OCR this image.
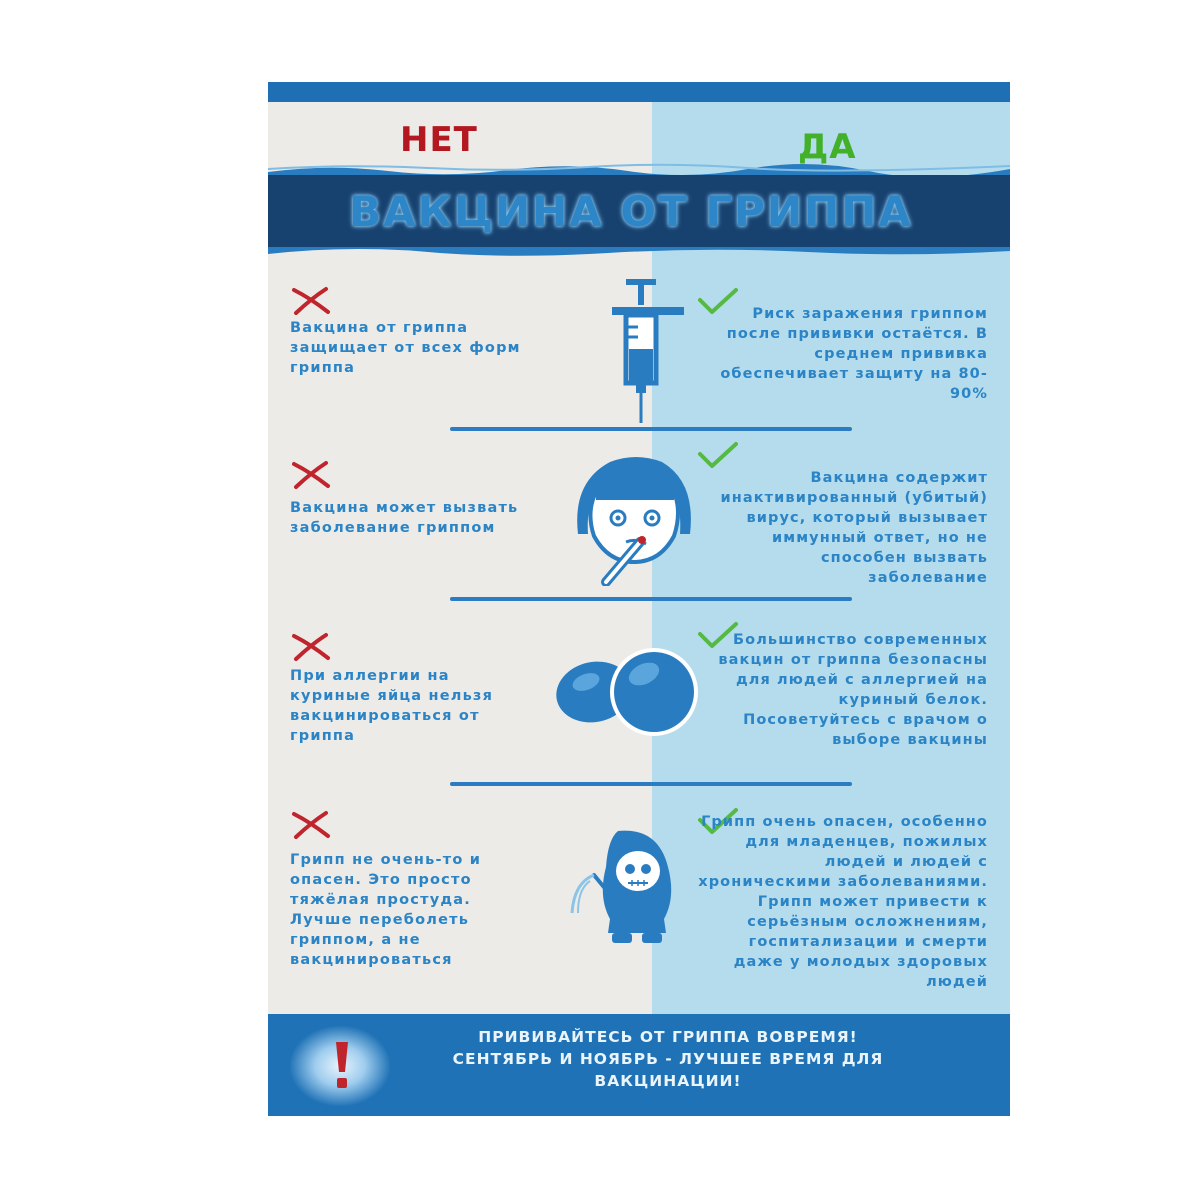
НЕТ	ДА
ВАКЦИНА ОТ ГРИППА
Вакцина от гриппа защищает от всех форм гриппа
Риск заражения гриппом после прививки остаётся. В среднем прививка обеспечивает защиту на 80-90%
Вакцина может вызвать заболевание гриппом
Вакцина содержит инактивированный (убитый) вирус, который вызывает иммунный ответ, но не способен вызвать заболевание
При аллергии на куриные яйца нельзя вакцинироваться от гриппа
Большинство современных вакцин от гриппа безопасны для людей с аллергией на куриный белок. Посоветуйтесь с врачом о выборе вакцины
Грипп не очень-то и опасен. Это просто тяжёлая простуда. Лучше переболеть гриппом, а не вакцинироваться
Грипп очень опасен, особенно для младенцев, пожилых людей и людей с хроническими заболеваниями. Грипп может привести к серьёзным осложнениям, госпитализации и смерти даже у молодых здоровых людей
ПРИВИВАЙТЕСЬ ОТ ГРИППА ВОВРЕМЯ!
СЕНТЯБРЬ И НОЯБРЬ - ЛУЧШЕЕ ВРЕМЯ ДЛЯ
ВАКЦИНАЦИИ!
